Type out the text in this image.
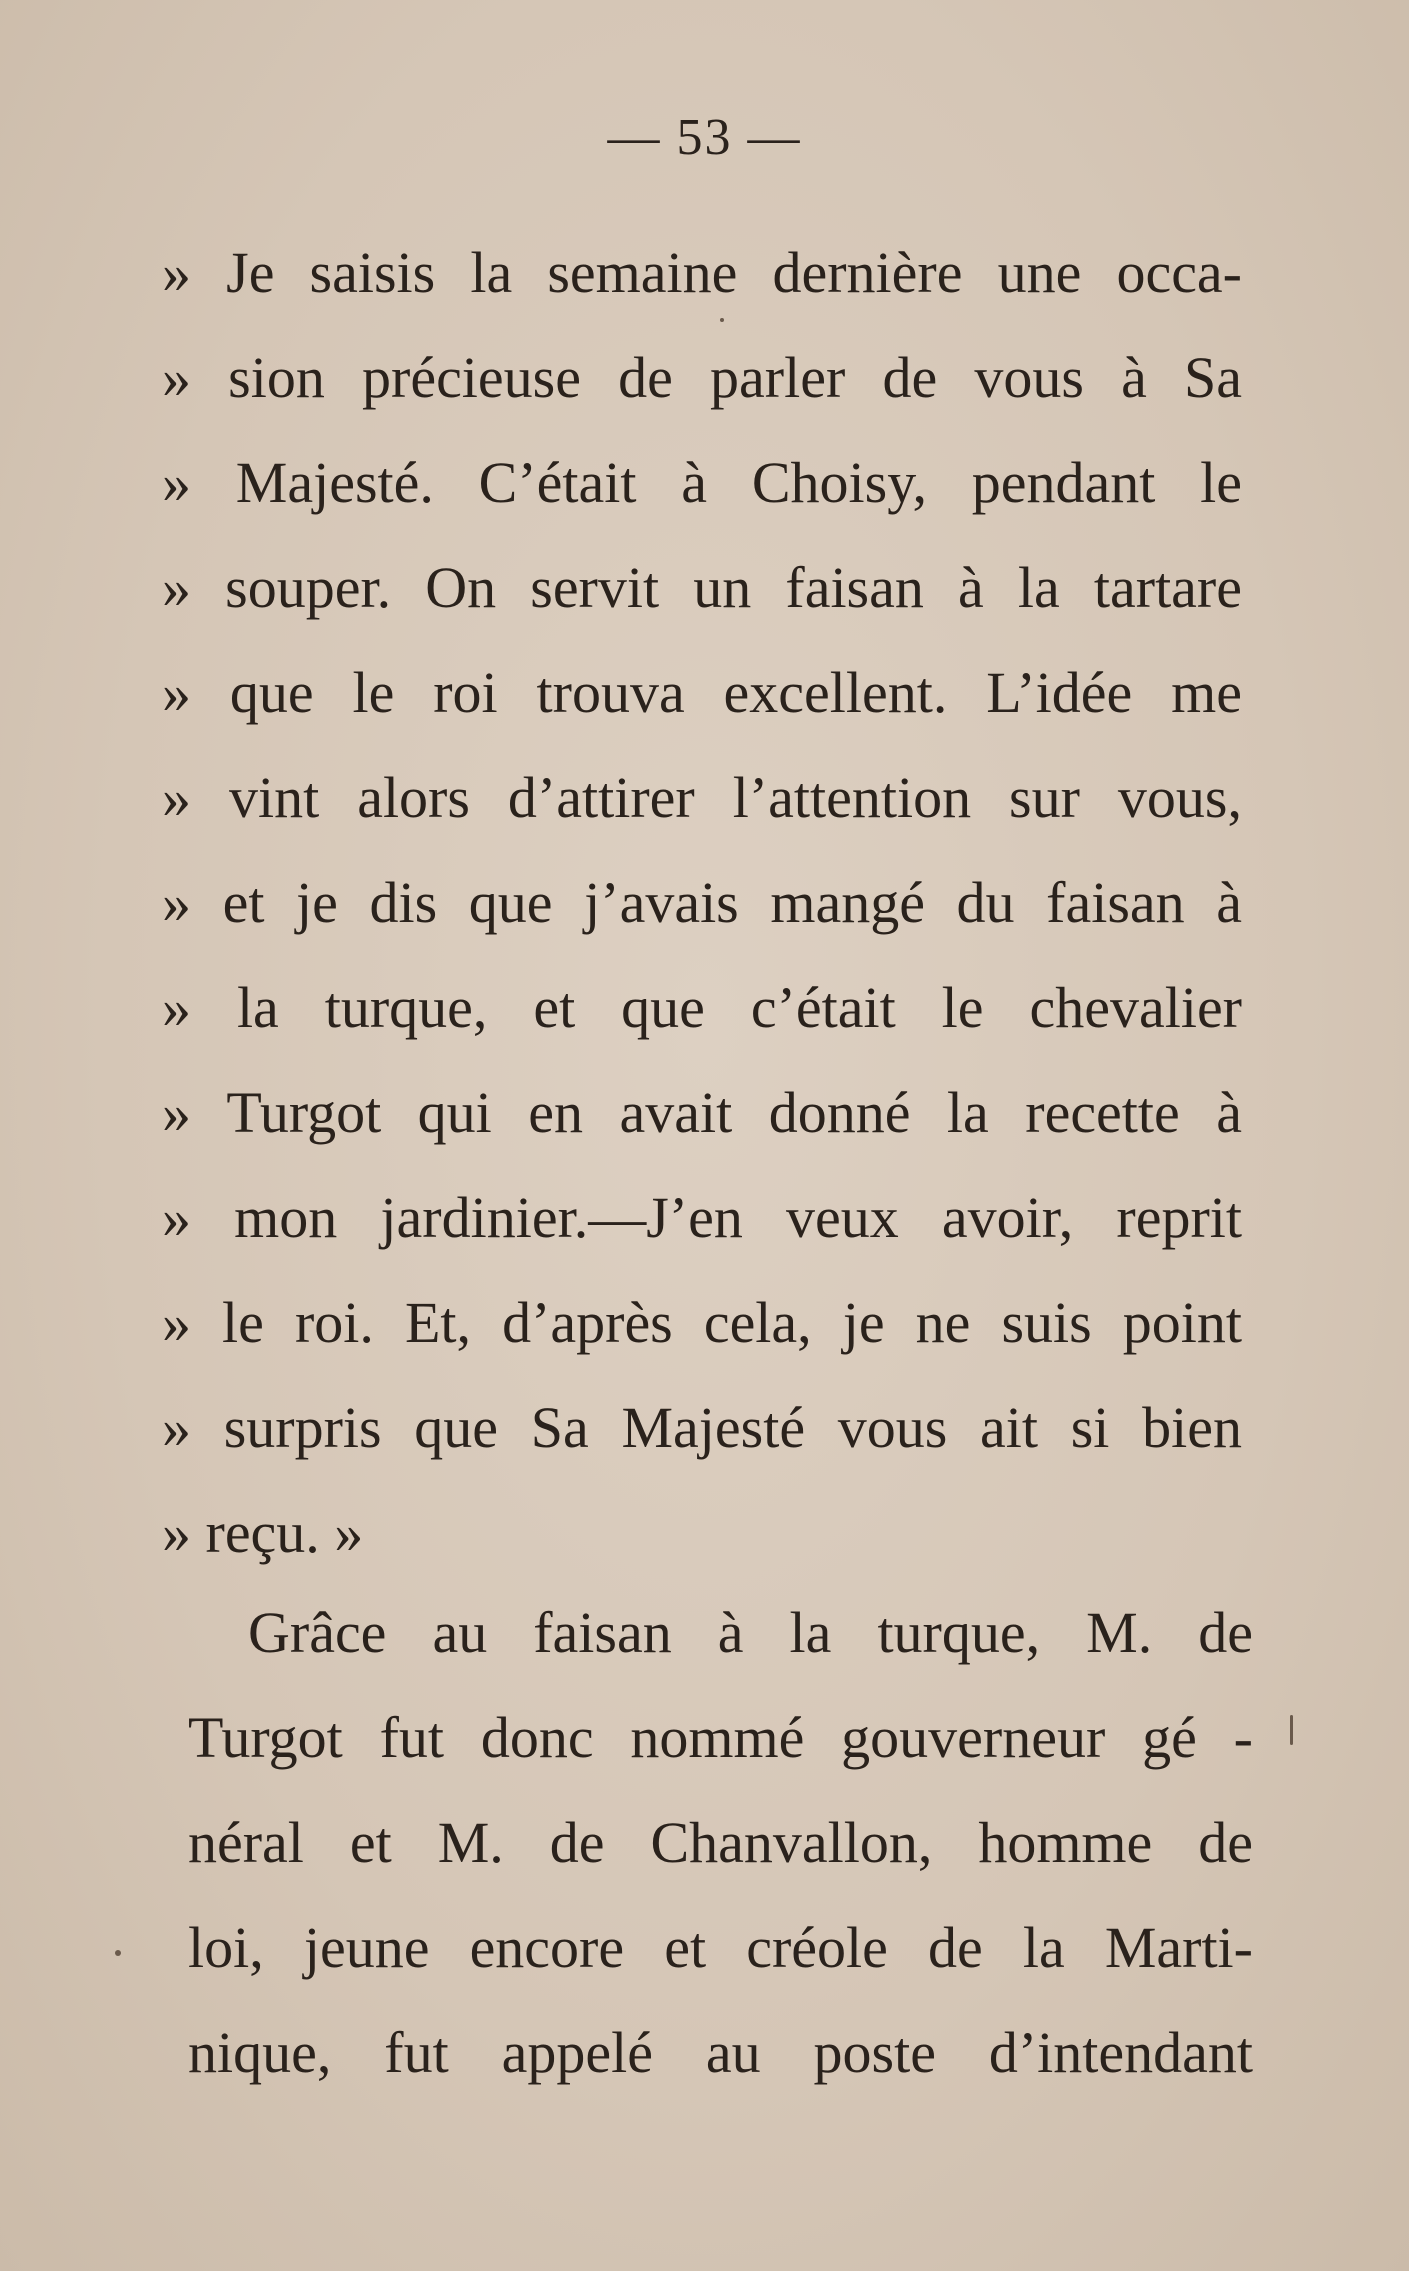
— 53 —
» Je saisis la semaine dernière une occa-
» sion précieuse de parler de vous à Sa
» Majesté. C’était à Choisy, pendant le
» souper. On servit un faisan à la tartare
» que le roi trouva excellent. L’idée me
» vint alors d’attirer l’attention sur vous,
» et je dis que j’avais mangé du faisan à
» la turque, et que c’était le chevalier
» Turgot qui en avait donné la recette à
» mon jardinier.—J’en veux avoir, reprit
» le roi. Et, d’après cela, je ne suis point
» surpris que Sa Majesté vous ait si bien
» reçu. »
Grâce au faisan à la turque, M. de
Turgot fut donc nommé gouverneur gé -
néral et M. de Chanvallon, homme de
loi, jeune encore et créole de la Marti-
nique, fut appelé au poste d’intendant
